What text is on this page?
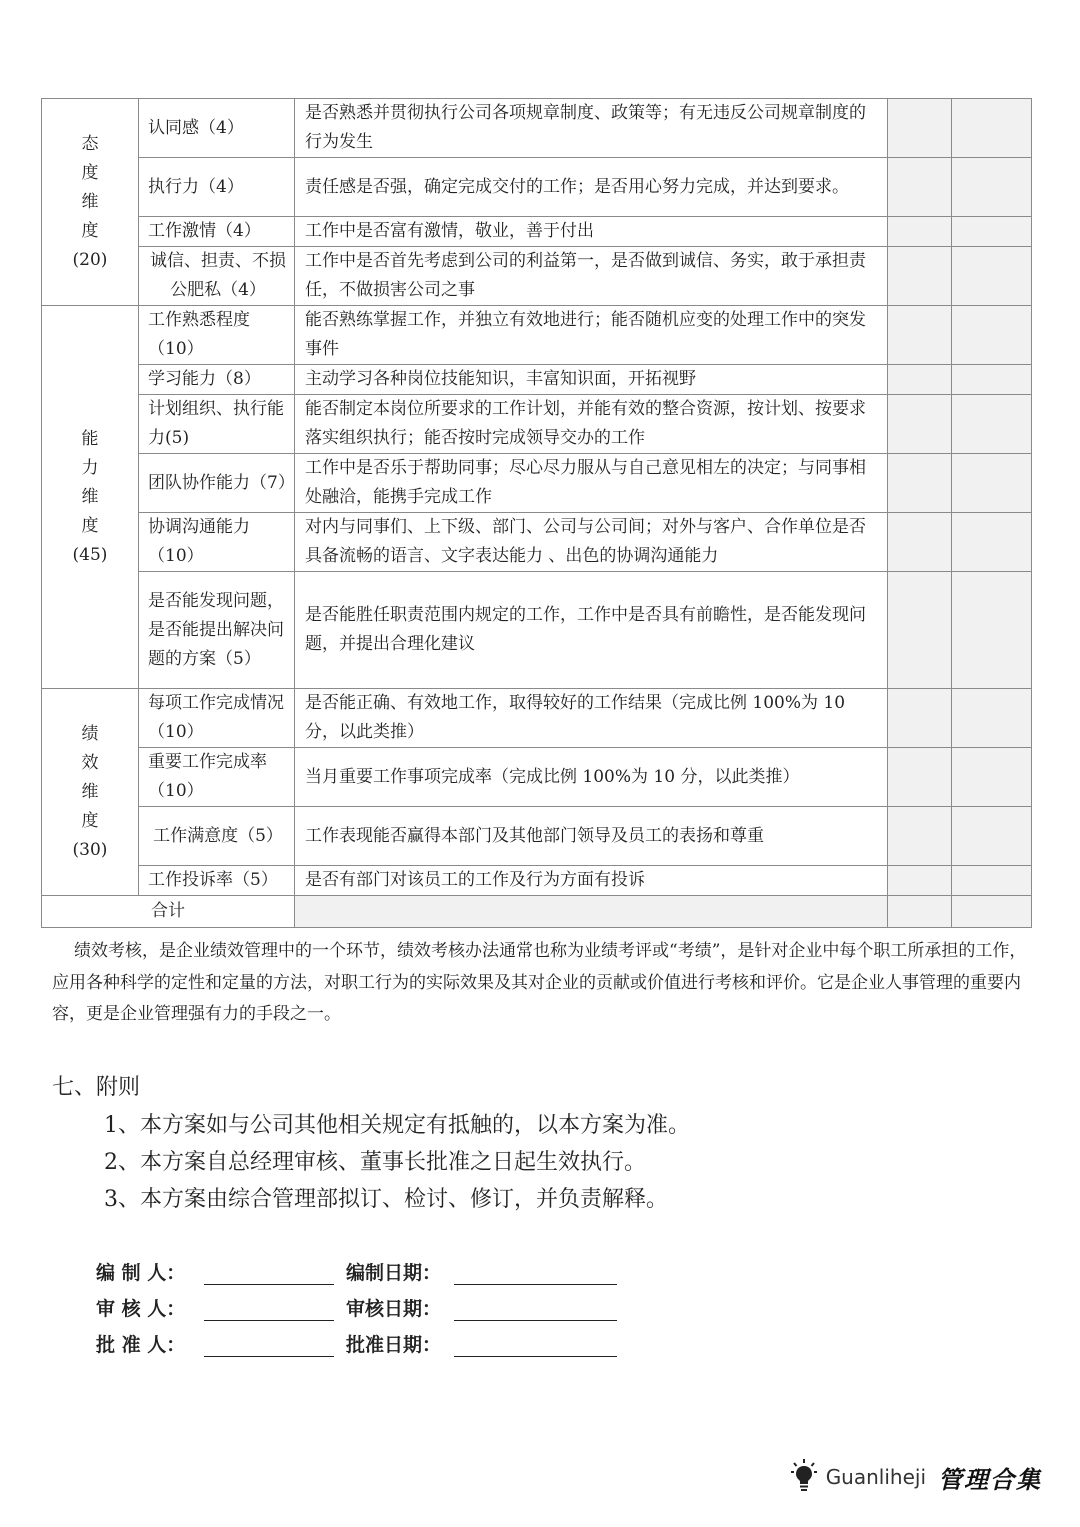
态
度
维
度
(20)	认同感（4）	是否熟悉并贯彻执行公司各项规章制度、政策等；有无违反公司规章制度的行为发生		
	执行力（4）	责任感是否强，确定完成交付的工作；是否用心努力完成，并达到要求。		
	工作激情（4）	工作中是否富有激情，敬业，善于付出		
	诚信、担责、不损公肥私（4）	工作中是否首先考虑到公司的利益第一，是否做到诚信、务实，敢于承担责任，不做损害公司之事		

能
力
维
度
(45)	工作熟悉程度（10）	能否熟练掌握工作，并独立有效地进行；能否随机应变的处理工作中的突发事件		
	学习能力（8）	主动学习各种岗位技能知识，丰富知识面，开拓视野		
	计划组织、执行能力(5)	能否制定本岗位所要求的工作计划，并能有效的整合资源，按计划、按要求落实组织执行；能否按时完成领导交办的工作		
	团队协作能力（7）	工作中是否乐于帮助同事；尽心尽力服从与自己意见相左的决定；与同事相处融洽，能携手完成工作		
	协调沟通能力（10）	对内与同事们、上下级、部门、公司与公司间；对外与客户、合作单位是否具备流畅的语言、文字表达能力 、出色的协调沟通能力		
	是否能发现问题，是否能提出解决问题的方案（5）	是否能胜任职责范围内规定的工作，工作中是否具有前瞻性，是否能发现问题，并提出合理化建议		

绩
效
维
度
(30)	每项工作完成情况（10）	是否能正确、有效地工作，取得较好的工作结果（完成比例 100%为 10 分，以此类推）		
	重要工作完成率（10）	当月重要工作事项完成率（完成比例 100%为 10 分，以此类推）		
	工作满意度（5）	工作表现能否赢得本部门及其他部门领导及员工的表扬和尊重		
	工作投诉率（5）	是否有部门对该员工的工作及行为方面有投诉		
合计				

绩效考核，是企业绩效管理中的一个环节，绩效考核办法通常也称为业绩考评或“考绩”，是针对企业中每个职工所承担的工作，应用各种科学的定性和定量的方法，对职工行为的实际效果及其对企业的贡献或价值进行考核和评价。它是企业人事管理的重要内容，更是企业管理强有力的手段之一。

七、附则

1、本方案如与公司其他相关规定有抵触的，以本方案为准。

2、本方案自总经理审核、董事长批准之日起生效执行。

3、本方案由综合管理部拟订、检讨、修订，并负责解释。

编 制 人：	编制日期：
审 核 人：	审核日期：
批 准 人：	批准日期：
Guanliheji 管理合集
